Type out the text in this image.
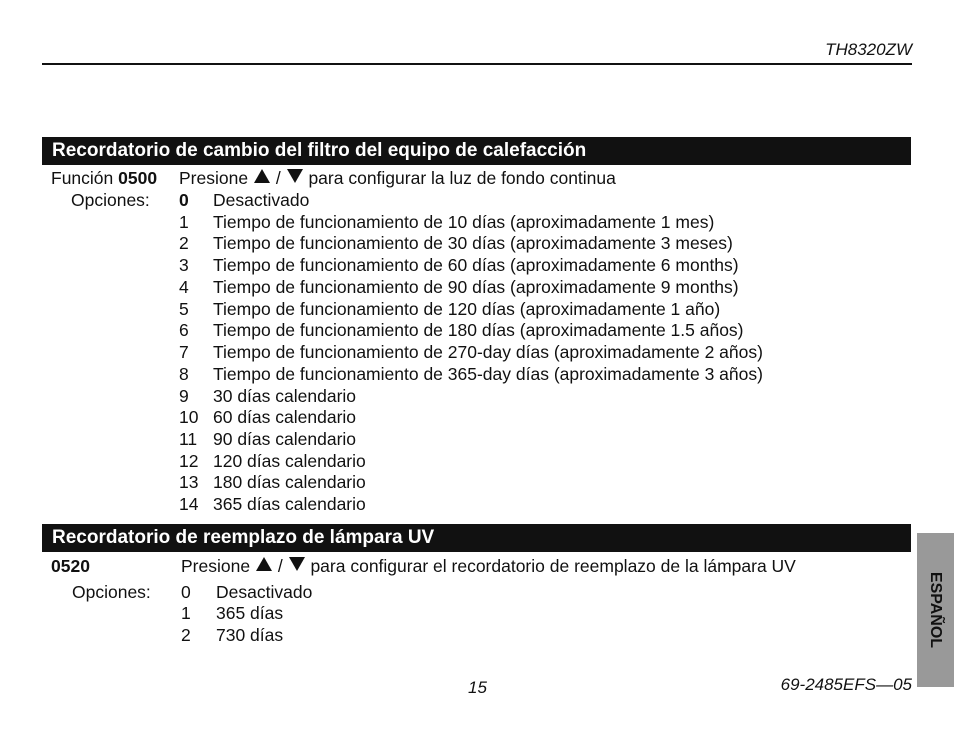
TH8320ZW
Recordatorio de cambio del filtro del equipo de calefacción
Función 0500 Presione / para configurar la luz de fondo continua
Opciones: 0 Desactivado
1 Tiempo de funcionamiento de 10 días (aproximadamente 1 mes)
2 Tiempo de funcionamiento de 30 días (aproximadamente 3 meses)
3 Tiempo de funcionamiento de 60 días (aproximadamente 6 months)
4 Tiempo de funcionamiento de 90 días (aproximadamente 9 months)
5 Tiempo de funcionamiento de 120 días (aproximadamente 1 año)
6 Tiempo de funcionamiento de 180 días (aproximadamente 1.5 años)
7 Tiempo de funcionamiento de 270-day días (aproximadamente 2 años)
8 Tiempo de funcionamiento de 365-day días (aproximadamente 3 años)
9 30 días calendario
10 60 días calendario
11 90 días calendario
12 120 días calendario
13 180 días calendario
14 365 días calendario
Recordatorio de reemplazo de lámpara UV
0520	Presione / para configurar el recordatorio de reemplazo de la lámpara UV
Opciones: 0 Desactivado
1 365 días
2 730 días	ESPAÑOL
15	69-2485EFS—05
